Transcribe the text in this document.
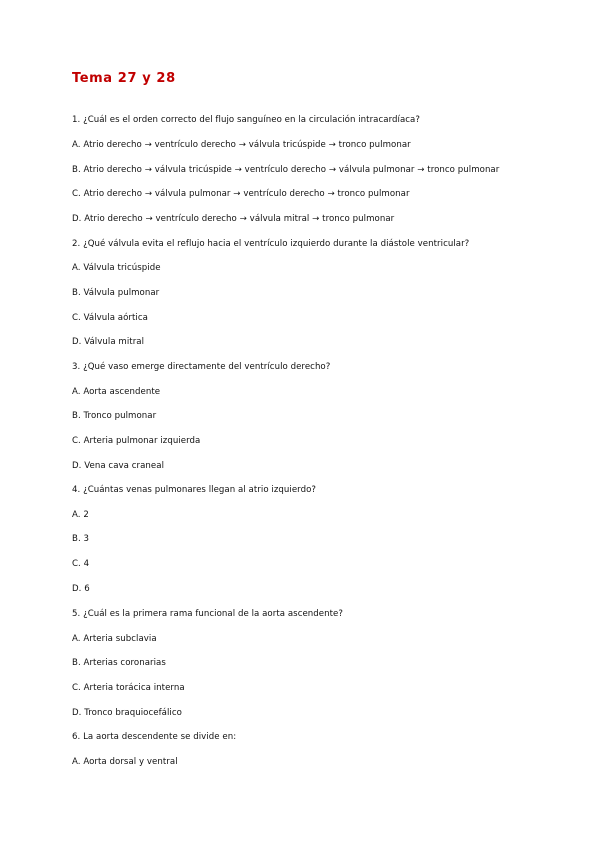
Tema 27 y 28
1. ¿Cuál es el orden correcto del flujo sanguíneo en la circulación intracardíaca?
A. Atrio derecho → ventrículo derecho → válvula tricúspide → tronco pulmonar
B. Atrio derecho → válvula tricúspide → ventrículo derecho → válvula pulmonar → tronco pulmonar
C. Atrio derecho → válvula pulmonar → ventrículo derecho → tronco pulmonar
D. Atrio derecho → ventrículo derecho → válvula mitral → tronco pulmonar
2. ¿Qué válvula evita el reflujo hacia el ventrículo izquierdo durante la diástole ventricular?
A. Válvula tricúspide
B. Válvula pulmonar
C. Válvula aórtica
D. Válvula mitral
3. ¿Qué vaso emerge directamente del ventrículo derecho?
A. Aorta ascendente
B. Tronco pulmonar
C. Arteria pulmonar izquierda
D. Vena cava craneal
4. ¿Cuántas venas pulmonares llegan al atrio izquierdo?
A. 2
B. 3
C. 4
D. 6
5. ¿Cuál es la primera rama funcional de la aorta ascendente?
A. Arteria subclavia
B. Arterias coronarias
C. Arteria torácica interna
D. Tronco braquiocefálico
6. La aorta descendente se divide en:
A. Aorta dorsal y ventral
